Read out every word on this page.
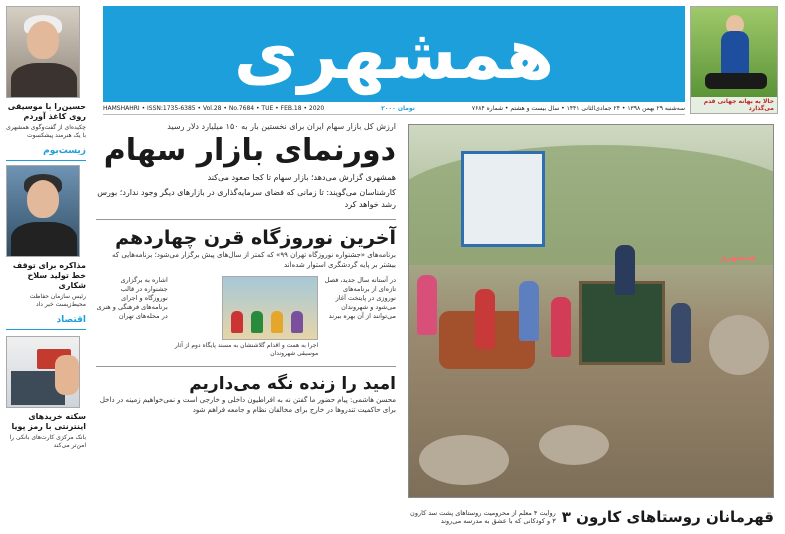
همشهری
HAMSHAHRI • ISSN:1735-6385 • Vol.28 • No.7684 • TUE • FEB.18 • 2020	۲۰۰۰ تومان	سه‌شنبه ۲۹ بهمن ۱۳۹۸ • ۲۴ جمادی‌الثانی ۱۴۴۱ • سال بیست و هشتم • شماره ۷۶۸۴
حسین‌را با موسیقی روی کاغذ آوردم
چکیده‌ای از گفت‌وگوی همشهری با یک هنرمند پیشکسوت
زیست‌بوم
مذاکره برای توقف خط تولید سلاح شکاری
رئیس سازمان حفاظت محیط‌زیست خبر داد
اقتصاد
سکته خریدهای اینترنتی با رمز پویا
بانک مرکزی کارت‌های بانکی را امن‌تر می‌کند
حالا به بهانه جهانی قدم می‌گذارد
ارزش کل بازار سهام ایران برای نخستین بار به ۱۵۰ میلیارد دلار رسید
دورنمای بازار سهام
همشهری گزارش می‌دهد؛ بازار سهام تا کجا صعود می‌کند
کارشناسان می‌گویند: تا زمانی که فضای سرمایه‌گذاری در بازارهای دیگر وجود ندارد؛ بورس رشد خواهد کرد
آخرین نوروزگاه قرن چهاردهم
برنامه‌های «جشنواره نوروزگاه تهران ۹۹» که کمتر از سال‌های پیش برگزار می‌شود؛ برنامه‌هایی که بیشتر بر پایه گردشگری استوار شده‌اند
در آستانه سال جدید، فصل تازه‌ای از برنامه‌های نوروزی در پایتخت آغاز می‌شود و شهروندان می‌توانند از آن بهره ببرند
اجرا به همت و اقدام گلاشنشان به مسند پایگاه دوم از آثار موسیقی شهروندان
اشاره به برگزاری جشنواره در قالب نوروزگاه و اجرای برنامه‌های فرهنگی و هنری در محله‌های تهران
امید را زنده نگه می‌داریم
محسن هاشمی: پیام حضور ما گفتن نه به افراطیون داخلی و خارجی است و نمی‌خواهیم زمینه در داخل برای حاکمیت تندروها در خارج برای مخالفان نظام و جامعه فراهم شود
همشهری
قهرمانان روستاهای کارون ۳
روایت ۴ معلم از محرومیت روستاهای پشت سد کارون ۳ و کودکانی که با عشق به مدرسه می‌روند
